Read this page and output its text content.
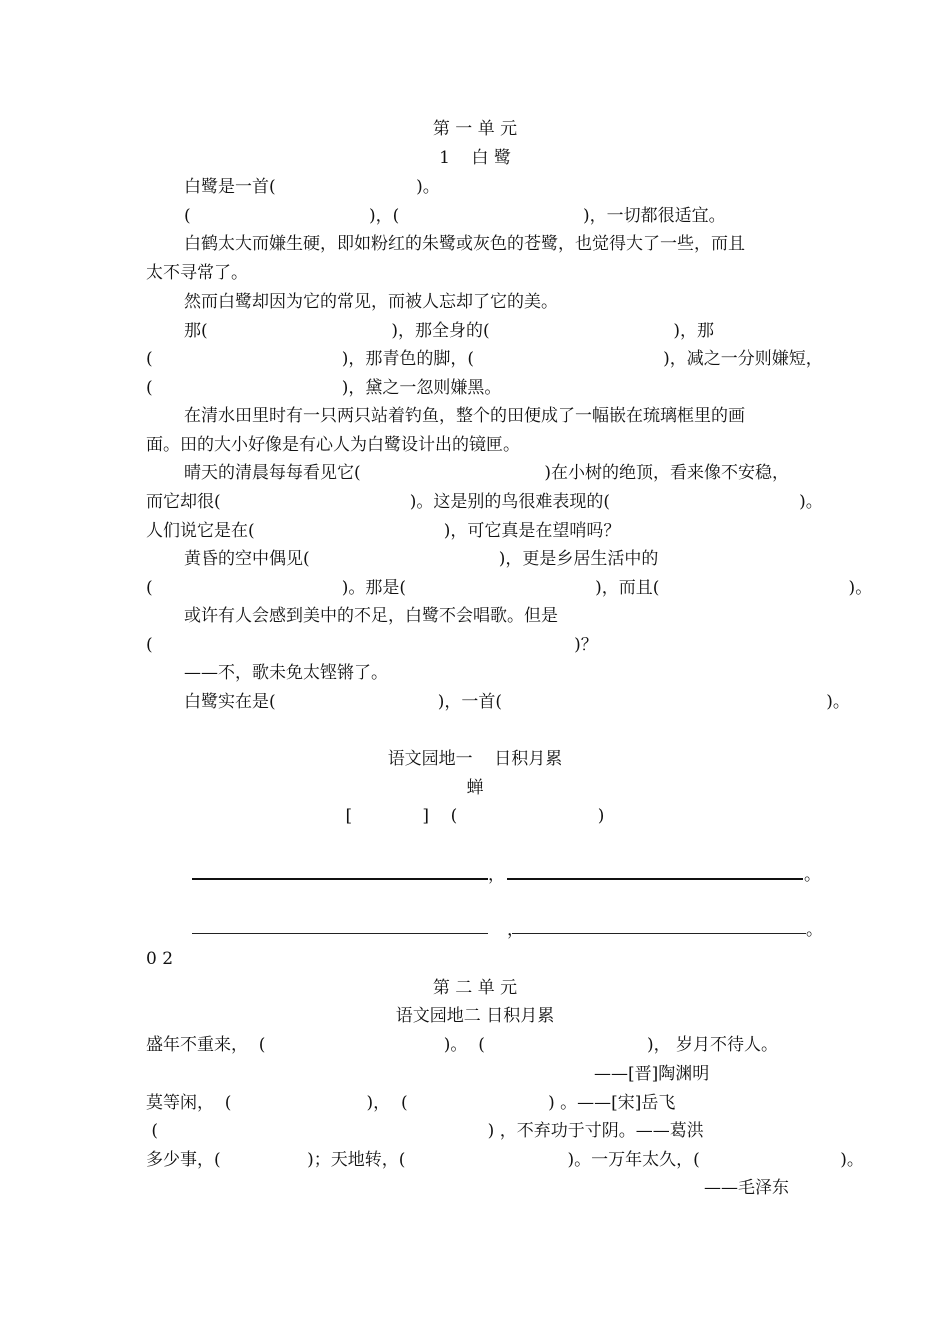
第 一 单 元
1    白 鹭
白鹭是一首(                          )。
(                                 )，(                                  )，一切都很适宜。
白鹤太大而嫌生硬，即如粉红的朱鹭或灰色的苍鹭，也觉得大了一些，而且
太不寻常了。
然而白鹭却因为它的常见，而被人忘却了它的美。
那(                                  )，那全身的(                                  )，那
(                                   )，那青色的脚，(                                   )，减之一分则嫌短，
(                                   )，黛之一忽则嫌黑。
在清水田里时有一只两只站着钓鱼，整个的田便成了一幅嵌在琉璃框里的画
面。田的大小好像是有心人为白鹭设计出的镜匣。
晴天的清晨每每看见它(                                  )在小树的绝顶，看来像不安稳，
而它却很(                                   )。这是别的鸟很难表现的(                                   )。
人们说它是在(                                   )，可它真是在望哨吗？
黄昏的空中偶见(                                   )，更是乡居生活中的
(                                   )。那是(                                   )，而且(                                   )。
或许有人会感到美中的不足，白鹭不会唱歌。但是
(                                                                              )？
——不，歌未免太铿锵了。
白鹭实在是(                              )，一首(                                                            )。
语文园地一    日积月累
蝉
[             ]    (                          )
，	。
，	。
0 2
第 二 单 元
语文园地二 日积月累
盛年不重来，  (                                 )。  (                              )， 岁月不待人。
——[晋]陶渊明
莫等闲，  (                         )，  (                          ) 。——[宋]岳飞
(                                                             ) ，不弃功于寸阴。——葛洪
多少事，(                )；天地转，(                              )。一万年太久，(                          )。
——毛泽东
